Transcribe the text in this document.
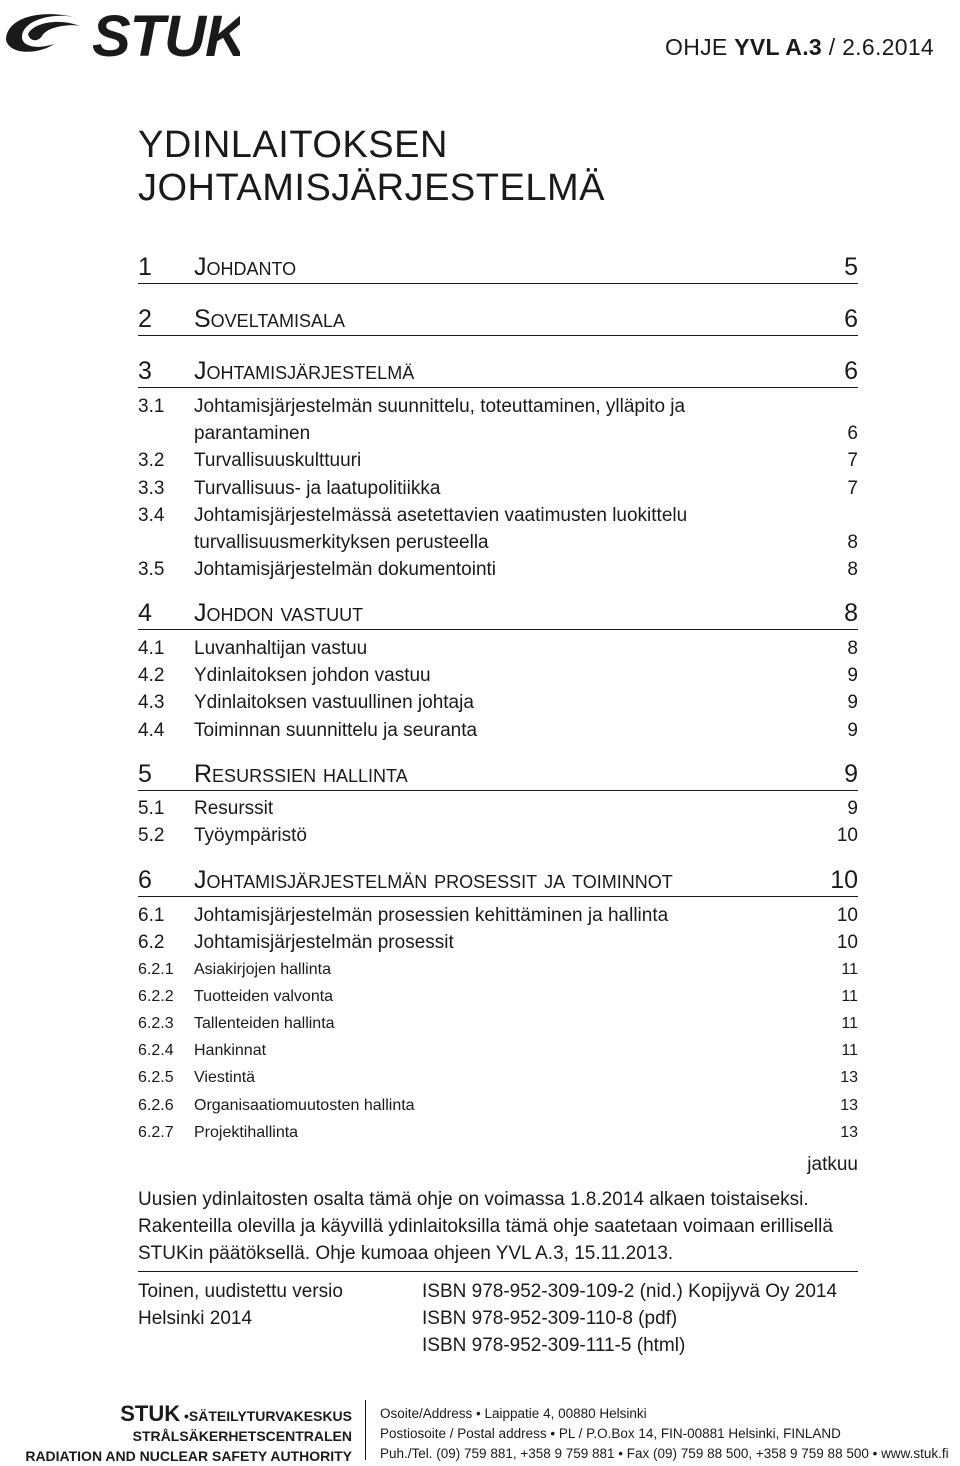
STUK	OHJE YVL A.3 / 2.6.2014
YDINLAITOKSEN
JOHTAMISJÄRJESTELMÄ
1 Johdanto	5
2 Soveltamisala	6
3 Johtamisjärjestelmä	6
3.1 Johtamisjärjestelmän suunnittelu, toteuttaminen, ylläpito ja
parantaminen	6
3.2 Turvallisuuskulttuuri	7
3.3 Turvallisuus- ja laatupolitiikka	7
3.4 Johtamisjärjestelmässä asetettavien vaatimusten luokittelu
turvallisuusmerkityksen perusteella	8
3.5 Johtamisjärjestelmän dokumentointi	8
4 Johdon vastuut	8
4.1 Luvanhaltijan vastuu	8
4.2 Ydinlaitoksen johdon vastuu	9
4.3 Ydinlaitoksen vastuullinen johtaja	9
4.4 Toiminnan suunnittelu ja seuranta	9
5 Resurssien hallinta	9
5.1 Resurssit	9
5.2 Työympäristö	10
6 Johtamisjärjestelmän prosessit ja toiminnot	10
6.1 Johtamisjärjestelmän prosessien kehittäminen ja hallinta	10
6.2 Johtamisjärjestelmän prosessit	10
6.2.1 Asiakirjojen hallinta	11
6.2.2 Tuotteiden valvonta	11
6.2.3 Tallenteiden hallinta	11
6.2.4 Hankinnat	11
6.2.5 Viestintä	13
6.2.6 Organisaatiomuutosten hallinta	13
6.2.7 Projektihallinta	13
jatkuu
Uusien ydinlaitosten osalta tämä ohje on voimassa 1.8.2014 alkaen toistaiseksi.
Rakenteilla olevilla ja käyvillä ydinlaitoksilla tämä ohje saatetaan voimaan erillisellä
STUKin päätöksellä. Ohje kumoaa ohjeen YVL A.3, 15.11.2013.
Toinen, uudistettu versio
Helsinki 2014
ISBN 978-952-309-109-2 (nid.) Kopijyvä Oy 2014
ISBN 978-952-309-110-8 (pdf)
ISBN 978-952-309-111-5 (html)
STUK •SÄTEILYTURVAKESKUS
STRÅLSÄKERHETSCENTRALEN
RADIATION AND NUCLEAR SAFETY AUTHORITY
Osoite/Address • Laippatie 4, 00880 Helsinki
Postiosoite / Postal address • PL / P.O.Box 14, FIN-00881 Helsinki, FINLAND
Puh./Tel. (09) 759 881, +358 9 759 881 • Fax (09) 759 88 500, +358 9 759 88 500 • www.stuk.fi
